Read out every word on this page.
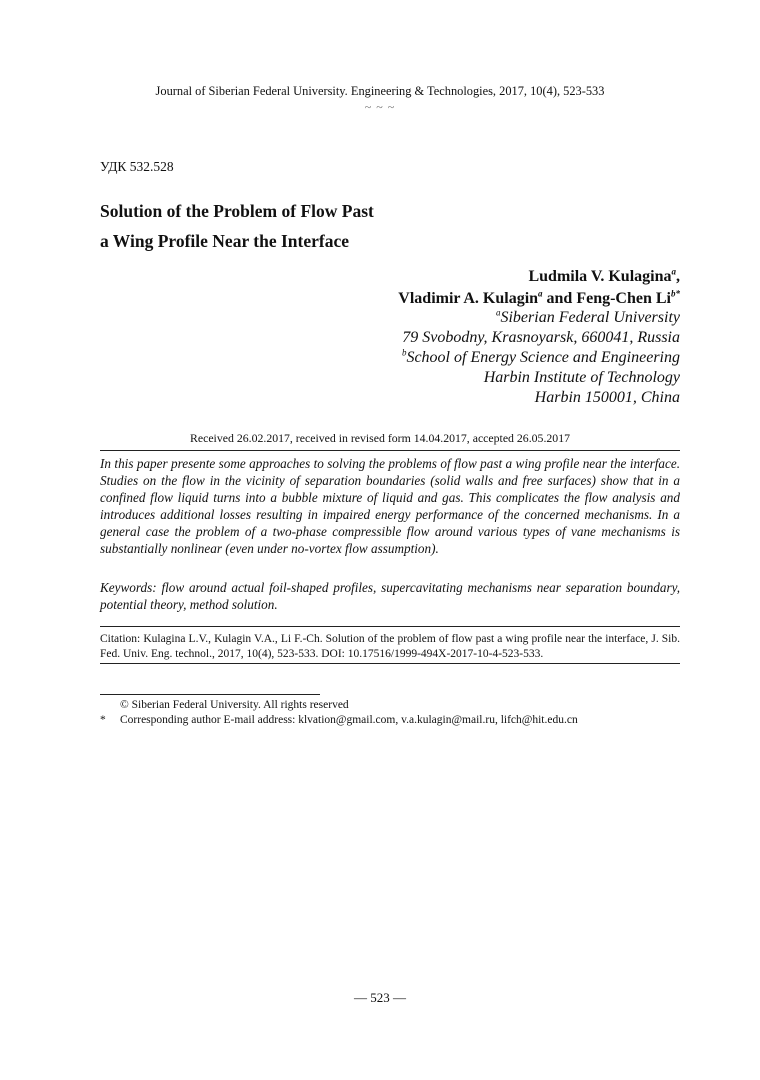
Journal of Siberian Federal University. Engineering & Technologies, 2017, 10(4), 523-533
~ ~ ~
УДК 532.528
Solution of the Problem of Flow Past
a Wing Profile Near the Interface
Ludmila V. Kulagina$^a$,
Vladimir A. Kulagin$^a$ and Feng-Chen $Li^{b*}$
$^a$Siberian Federal University
79 Svobodny, Krasnoyarsk, 660041, Russia
$^b$School of Energy Science and Engineering
Harbin Institute of Technology
Harbin 150001, China
Received 26.02.2017, received in revised form 14.04.2017, accepted 26.05.2017
In this paper presente some approaches to solving the problems of flow past a wing profile near the interface. Studies on the flow in the vicinity of separation boundaries (solid walls and free surfaces) show that in a confined flow liquid turns into a bubble mixture of liquid and gas. This complicates the flow analysis and introduces additional losses resulting in impaired energy performance of the concerned mechanisms. In a general case the problem of a two-phase compressible flow around various types of vane mechanisms is substantially nonlinear (even under no-vortex flow assumption).
Keywords: flow around actual foil-shaped profiles, supercavitating mechanisms near separation boundary, potential theory, method solution.
Citation: Kulagina L.V., Kulagin V.A., Li F.-Ch. Solution of the problem of flow past a wing profile near the interface, J. Sib. Fed. Univ. Eng. technol., 2017, 10(4), 523-533. DOI: 10.17516/1999-494X-2017-10-4-523-533.
© Siberian Federal University. All rights reserved
* Corresponding author E-mail address: klvation@gmail.com, v.a.kulagin@mail.ru, lifch@hit.edu.cn
— 523 —
